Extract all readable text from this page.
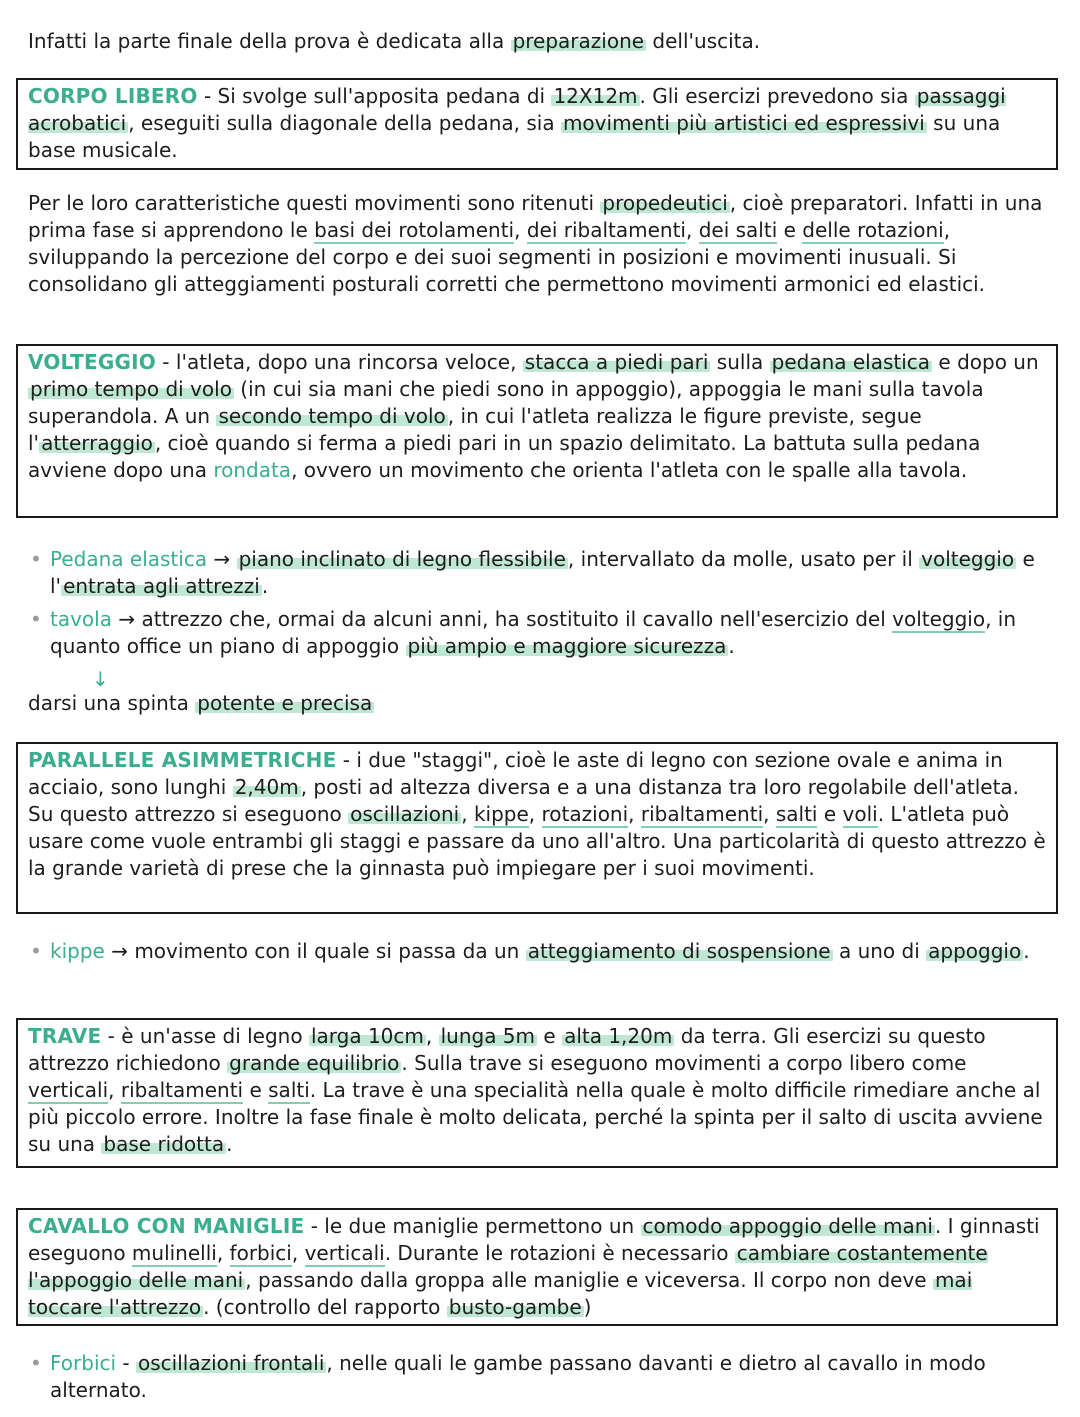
Infatti la parte finale della prova è dedicata alla preparazione dell'uscita.

CORPO LIBERO - Si svolge sull'apposita pedana di 12X12m . Gli esercizi prevedono sia passaggi acrobatici , eseguiti sulla diagonale della pedana, sia movimenti più artistici ed espressivi su una base musicale.

Per le loro caratteristiche questi movimenti sono ritenuti propedeutici , cioè preparatori. Infatti in una prima fase si apprendono le basi dei rotolamenti, dei ribaltamenti, dei salti e delle rotazioni, sviluppando la percezione del corpo e dei suoi segmenti in posizioni e movimenti inusuali. Si consolidano gli atteggiamenti posturali corretti che permettono movimenti armonici ed elastici.

VOLTEGGIO - l'atleta, dopo una rincorsa veloce, stacca a piedi pari sulla pedana elastica e dopo un primo tempo di volo (in cui sia mani che piedi sono in appoggio), appoggia le mani sulla tavola superandola. A un secondo tempo di volo , in cui l'atleta realizza le figure previste, segue l' atterraggio , cioè quando si ferma a piedi pari in un spazio delimitato. La battuta sulla pedana avviene dopo una rondata, ovvero un movimento che orienta l'atleta con le spalle alla tavola.

• Pedana elastica → piano inclinato di legno flessibile , intervallato da molle, usato per il volteggio e l' entrata agli attrezzi .
• tavola → attrezzo che, ormai da alcuni anni, ha sostituito il cavallo nell'esercizio del volteggio, in quanto office un piano di appoggio più ampio e maggiore sicurezza .
↓

darsi una spinta potente e precisa

PARALLELE ASIMMETRICHE - i due "staggi", cioè le aste di legno con sezione ovale e anima in acciaio, sono lunghi 2,40m , posti ad altezza diversa e a una distanza tra loro regolabile dell'atleta. Su questo attrezzo si eseguono oscillazioni , kippe, rotazioni, ribaltamenti, salti e voli. L'atleta può usare come vuole entrambi gli staggi e passare da uno all'altro. Una particolarità di questo attrezzo è la grande varietà di prese che la ginnasta può impiegare per i suoi movimenti.

• kippe → movimento con il quale si passa da un atteggiamento di sospensione a uno di appoggio .

TRAVE - è un'asse di legno larga 10cm , lunga 5m e alta 1,20m da terra. Gli esercizi su questo attrezzo richiedono grande equilibrio . Sulla trave si eseguono movimenti a corpo libero come verticali, ribaltamenti e salti. La trave è una specialità nella quale è molto difficile rimediare anche al più piccolo errore. Inoltre la fase finale è molto delicata, perché la spinta per il salto di uscita avviene su una base ridotta .

CAVALLO CON MANIGLIE - le due maniglie permettono un comodo appoggio delle mani . I ginnasti eseguono mulinelli, forbici, verticali. Durante le rotazioni è necessario cambiare costantemente l'appoggio delle mani , passando dalla groppa alle maniglie e viceversa. Il corpo non deve mai toccare l'attrezzo . (controllo del rapporto busto-gambe )

• Forbici - oscillazioni frontali , nelle quali le gambe passano davanti e dietro al cavallo in modo alternato.
